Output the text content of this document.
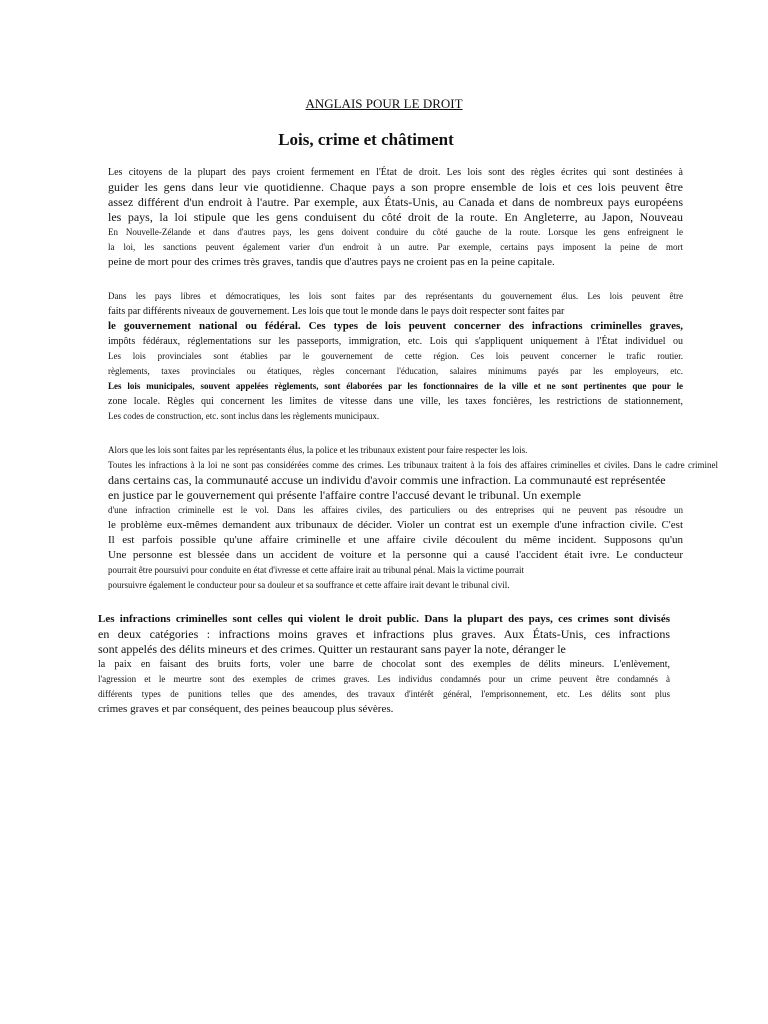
ANGLAIS POUR LE DROIT
Lois, crime et châtiment
Les citoyens de la plupart des pays croient fermement en l'État de droit. Les lois sont des règles écrites qui sont destinées à
guider les gens dans leur vie quotidienne. Chaque pays a son propre ensemble de lois et ces lois peuvent être
assez différent d'un endroit à l'autre. Par exemple, aux États-Unis, au Canada et dans de nombreux pays européens
les pays, la loi stipule que les gens conduisent du côté droit de la route. En Angleterre, au Japon, Nouveau
En Nouvelle-Zélande et dans d'autres pays, les gens doivent conduire du côté gauche de la route. Lorsque les gens enfreignent le
la loi, les sanctions peuvent également varier d'un endroit à un autre. Par exemple, certains pays imposent la peine de mort
peine de mort pour des crimes très graves, tandis que d'autres pays ne croient pas en la peine capitale.
Dans les pays libres et démocratiques, les lois sont faites par des représentants du gouvernement élus. Les lois peuvent être
faits par différents niveaux de gouvernement. Les lois que tout le monde dans le pays doit respecter sont faites par
le gouvernement national ou fédéral. Ces types de lois peuvent concerner des infractions criminelles graves,
impôts fédéraux, réglementations sur les passeports, immigration, etc. Lois qui s'appliquent uniquement à l'État individuel ou
Les lois provinciales sont établies par le gouvernement de cette région. Ces lois peuvent concerner le trafic routier.
règlements, taxes provinciales ou étatiques, règles concernant l'éducation, salaires minimums payés par les employeurs, etc.
Les lois municipales, souvent appelées règlements, sont élaborées par les fonctionnaires de la ville et ne sont pertinentes que pour le
zone locale. Règles qui concernent les limites de vitesse dans une ville, les taxes foncières, les restrictions de stationnement,
Les codes de construction, etc. sont inclus dans les règlements municipaux.
Alors que les lois sont faites par les représentants élus, la police et les tribunaux existent pour faire respecter les lois.
Toutes les infractions à la loi ne sont pas considérées comme des crimes. Les tribunaux traitent à la fois des affaires criminelles et civiles. Dans le cadre criminel
dans certains cas, la communauté accuse un individu d'avoir commis une infraction. La communauté est représentée
en justice par le gouvernement qui présente l'affaire contre l'accusé devant le tribunal. Un exemple
d'une infraction criminelle est le vol. Dans les affaires civiles, des particuliers ou des entreprises qui ne peuvent pas résoudre un
le problème eux-mêmes demandent aux tribunaux de décider. Violer un contrat est un exemple d'une infraction civile. C'est
Il est parfois possible qu'une affaire criminelle et une affaire civile découlent du même incident. Supposons qu'un
Une personne est blessée dans un accident de voiture et la personne qui a causé l'accident était ivre. Le conducteur
pourrait être poursuivi pour conduite en état d'ivresse et cette affaire irait au tribunal pénal. Mais la victime pourrait
poursuivre également le conducteur pour sa douleur et sa souffrance et cette affaire irait devant le tribunal civil.
Les infractions criminelles sont celles qui violent le droit public. Dans la plupart des pays, ces crimes sont divisés
en deux catégories : infractions moins graves et infractions plus graves. Aux États-Unis, ces infractions
sont appelés des délits mineurs et des crimes. Quitter un restaurant sans payer la note, déranger le
la paix en faisant des bruits forts, voler une barre de chocolat sont des exemples de délits mineurs. L'enlèvement,
l'agression et le meurtre sont des exemples de crimes graves. Les individus condamnés pour un crime peuvent être condamnés à
différents types de punitions telles que des amendes, des travaux d'intérêt général, l'emprisonnement, etc. Les délits sont plus
crimes graves et par conséquent, des peines beaucoup plus sévères.
